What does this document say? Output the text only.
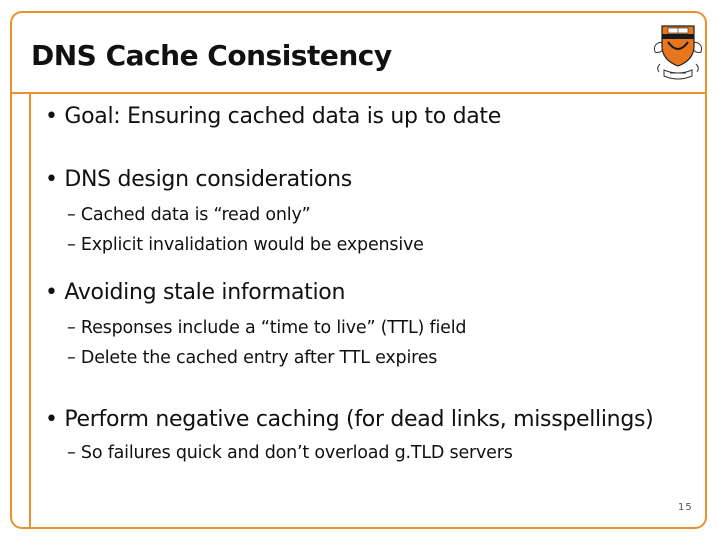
DNS Cache Consistency
• Goal: Ensuring cached data is up to date
• DNS design considerations
– Cached data is “read only”
– Explicit invalidation would be expensive
• Avoiding stale information
– Responses include a “time to live” (TTL) field
– Delete the cached entry after TTL expires
• Perform negative caching (for dead links, misspellings)
– So failures quick and don’t overload g.TLD servers
15
